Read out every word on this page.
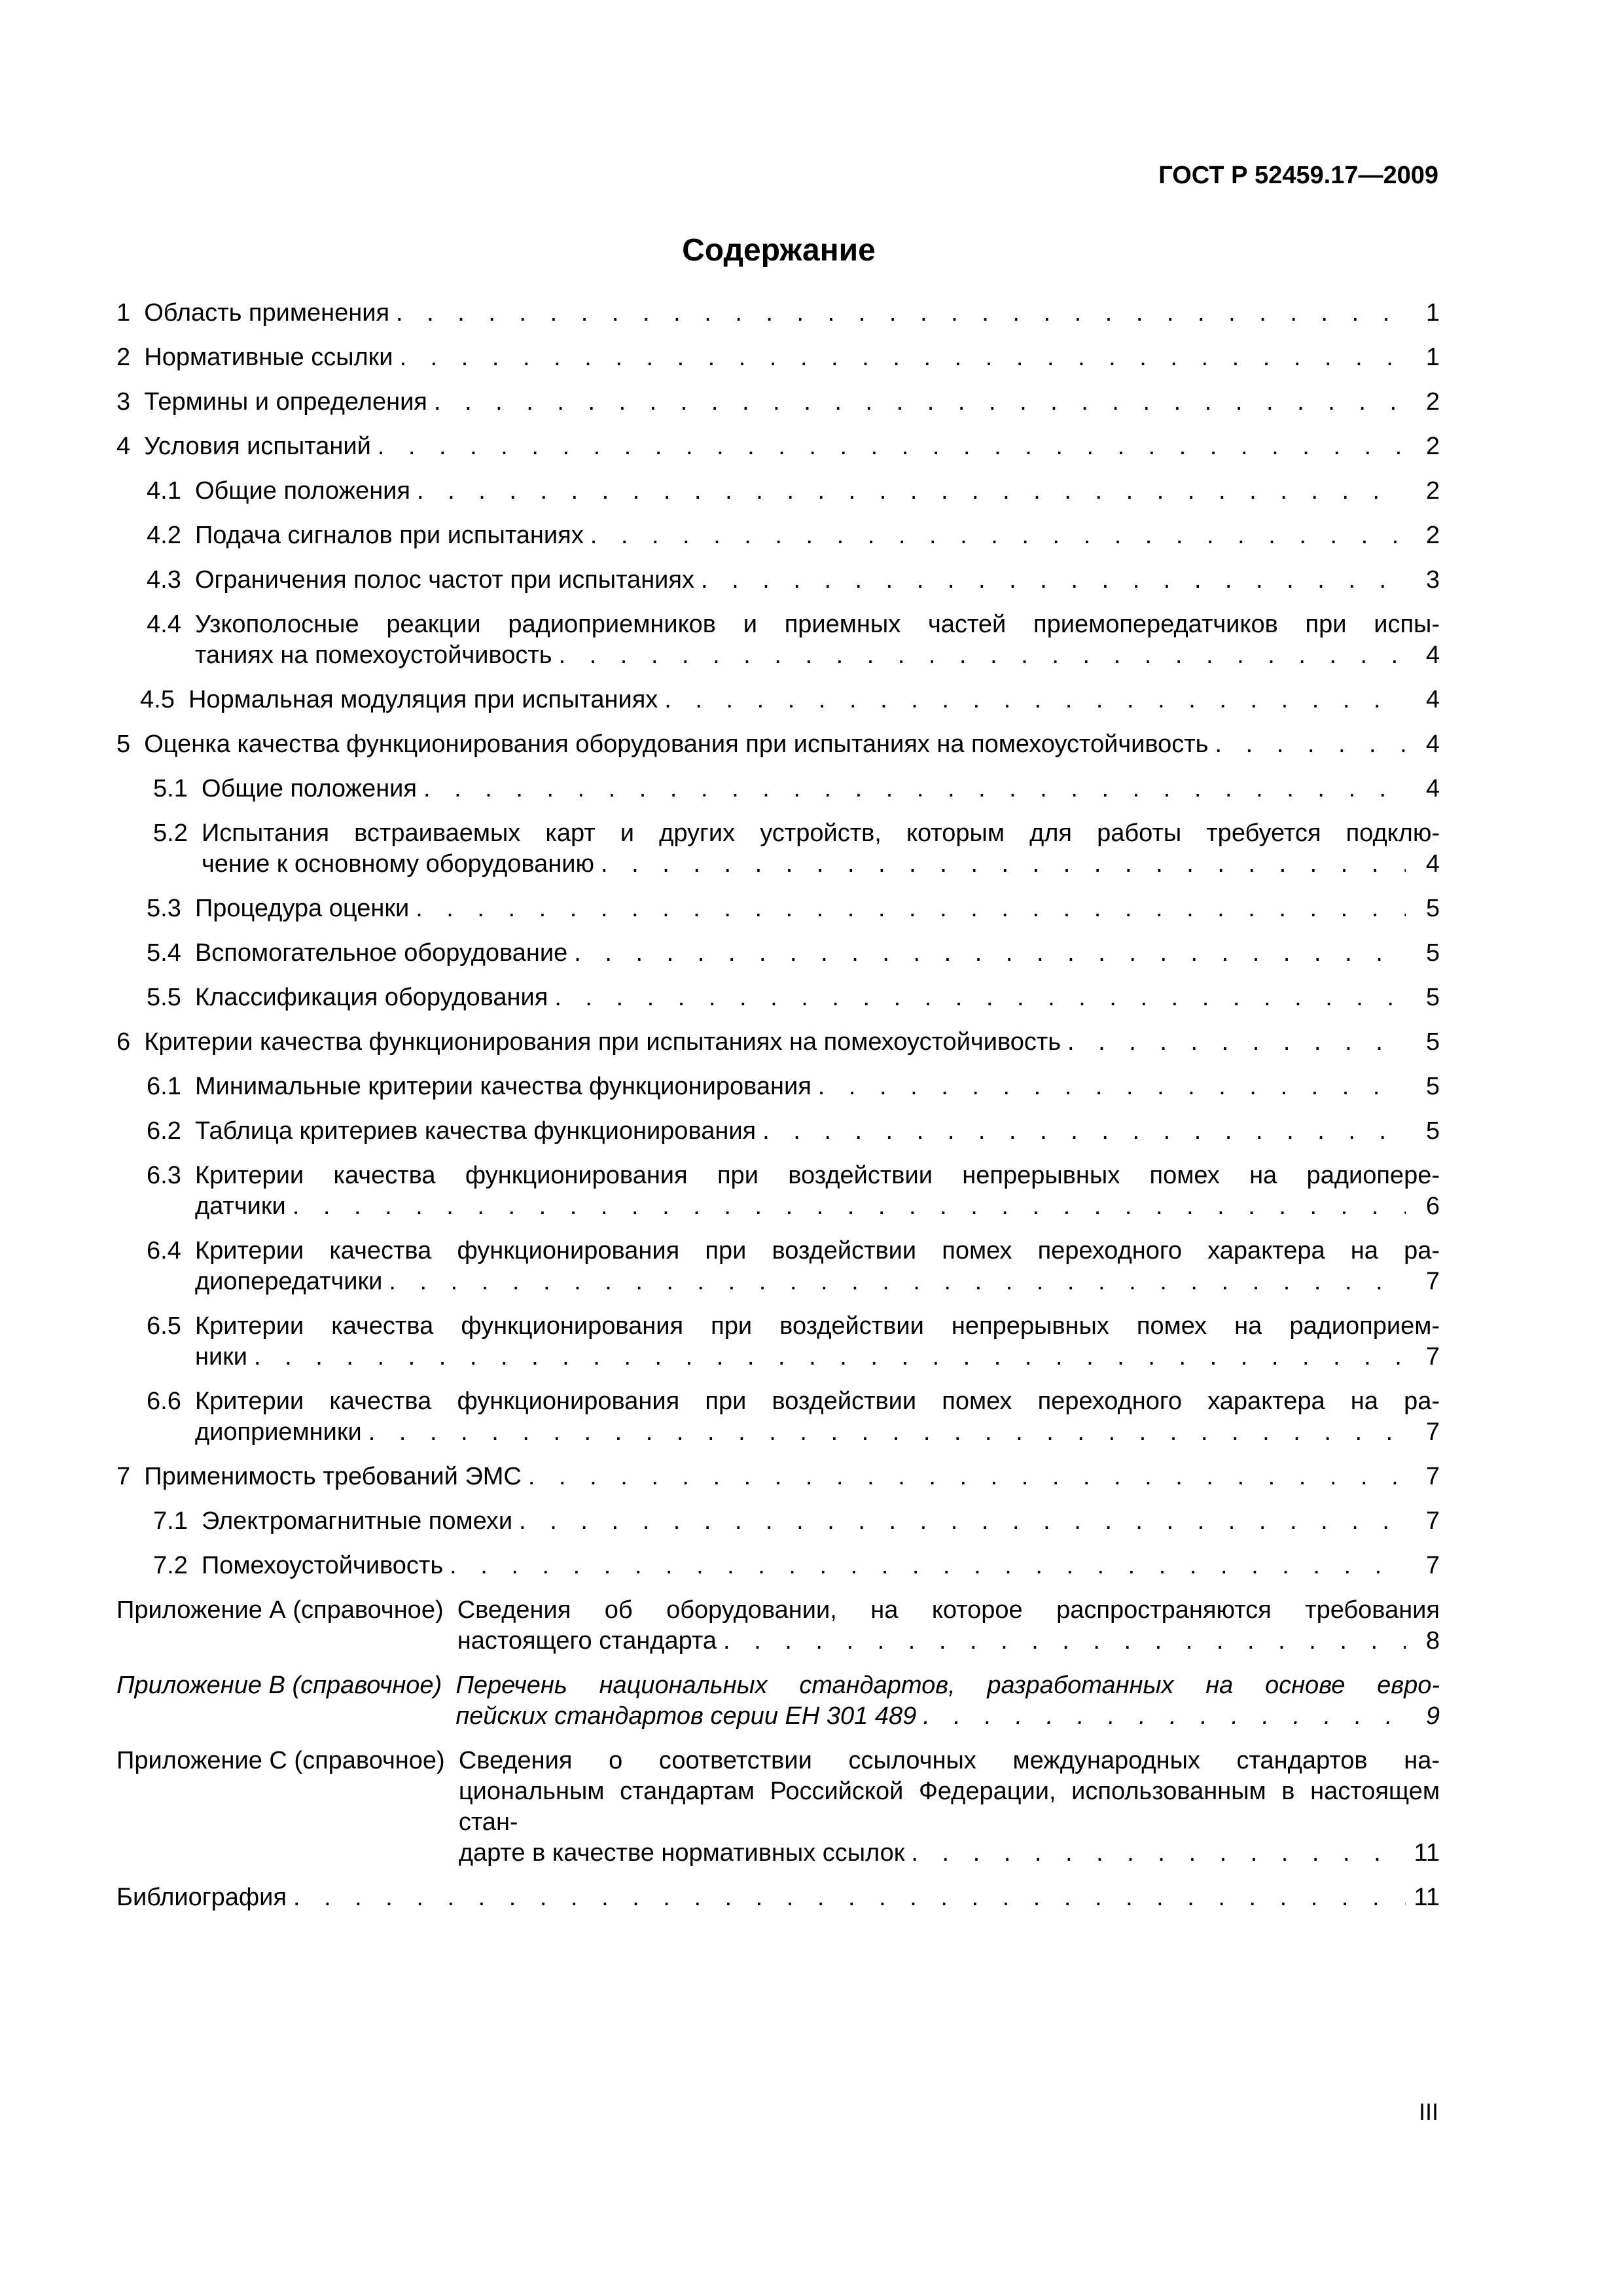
ГОСТ Р 52459.17—2009
Содержание
1 Область применения . . .	1
2 Нормативные ссылки . . .	1
3 Термины и определения . . .	2
4 Условия испытаний . . .	2
4.1 Общие положения . . .	2
4.2 Подача сигналов при испытаниях . . .	2
4.3 Ограничения полос частот при испытаниях . . .	3
4.4 Узкополосные реакции радиоприемников и приемных частей приемопередатчиков при испы-
таниях на помехоустойчивость . . .	4
4.5 Нормальная модуляция при испытаниях . . .	4
5 Оценка качества функционирования оборудования при испытаниях на помехоустойчивость . . .	4
5.1 Общие положения . . .	4
5.2 Испытания встраиваемых карт и других устройств, которым для работы требуется подклю-
чение к основному оборудованию . . .	4
5.3 Процедура оценки . . .	5
5.4 Вспомогательное оборудование . . .	5
5.5 Классификация оборудования . . .	5
6 Критерии качества функционирования при испытаниях на помехоустойчивость . . .	5
6.1 Минимальные критерии качества функционирования . . .	5
6.2 Таблица критериев качества функционирования . . .	5
6.3 Критерии качества функционирования при воздействии непрерывных помех на радиопере-
датчики . . .	6
6.4 Критерии качества функционирования при воздействии помех переходного характера на ра-
диопередатчики . . .	7
6.5 Критерии качества функционирования при воздействии непрерывных помех на радиоприем-
ники . . .	7
6.6 Критерии качества функционирования при воздействии помех переходного характера на ра-
диоприемники . . .	7
7 Применимость требований ЭМС . . .	7
7.1 Электромагнитные помехи . . .	7
7.2 Помехоустойчивость . . .	7
Приложение А (справочное) Сведения об оборудовании, на которое распространяются требования
настоящего стандарта . . .	8
Приложение В (справочное) Перечень национальных стандартов, разработанных на основе евро-
пейских стандартов серии ЕН 301 489 . . .	9
Приложение С (справочное) Сведения о соответствии ссылочных международных стандартов на-
циональным стандартам Российской Федерации, использованным в настоящем стан-
дарте в качестве нормативных ссылок . . .	11
Библиография . . .	11
III
